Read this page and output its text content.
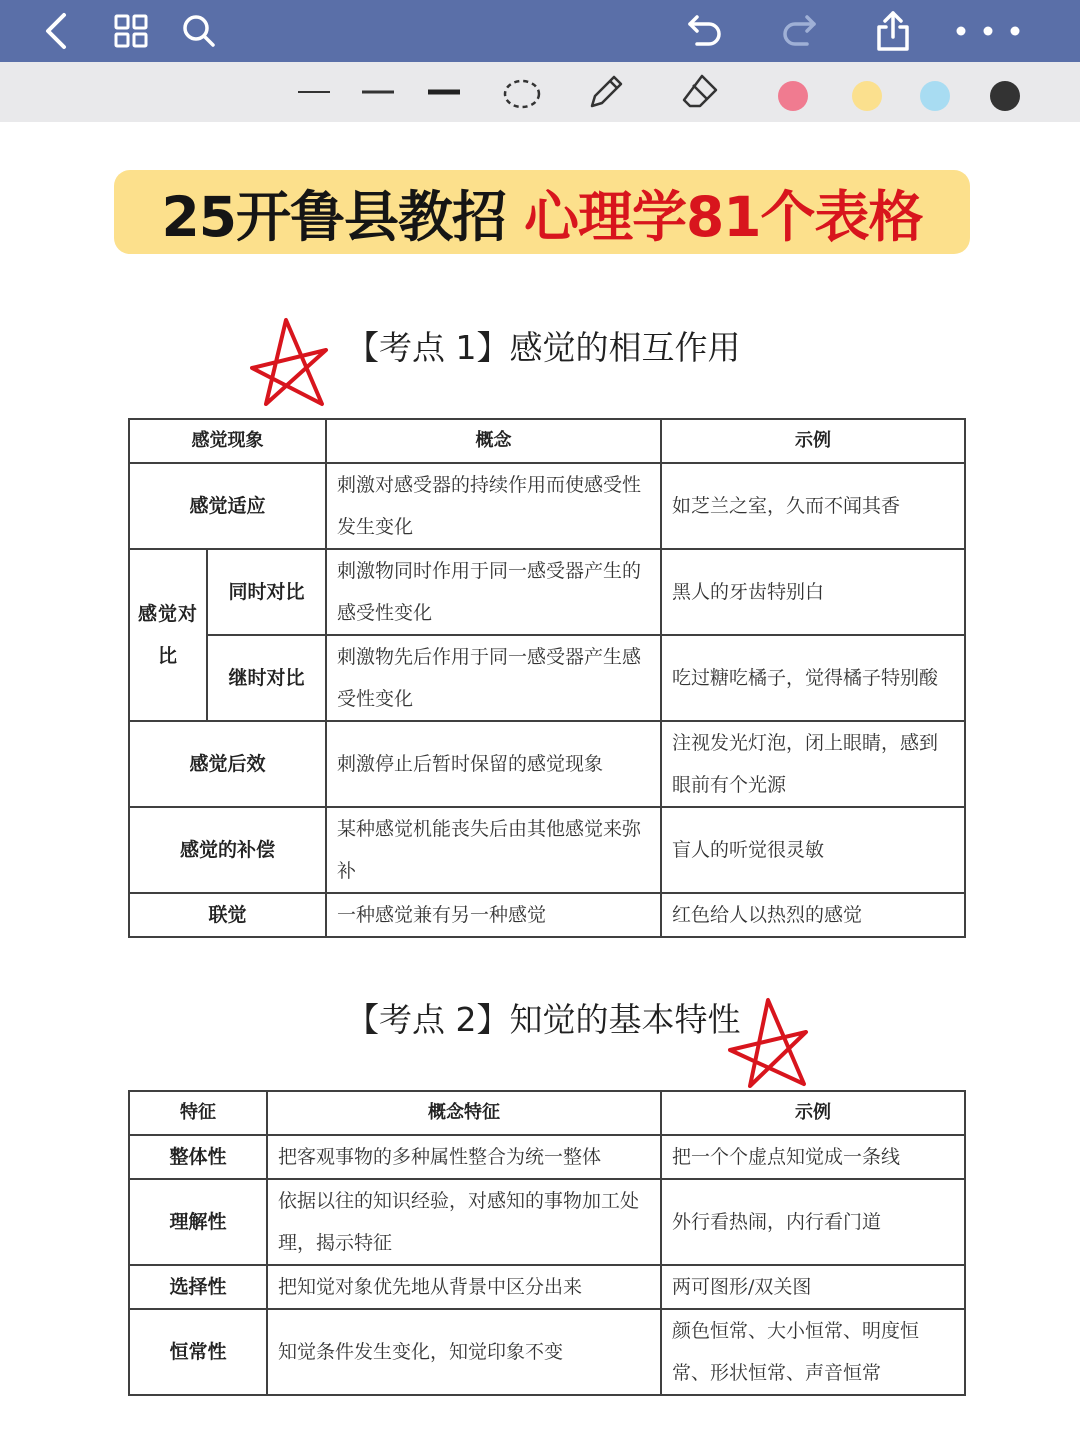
25开鲁县教招 心理学81个表格
【考点 1】感觉的相互作用
感觉现象		概念	示例
感觉适应		刺激对感受器的持续作用而使感受性发生变化	如芝兰之室，久而不闻其香
感觉对比	同时对比	刺激物同时作用于同一感受器产生的感受性变化	黑人的牙齿特别白
	继时对比	刺激物先后作用于同一感受器产生感受性变化	吃过糖吃橘子，觉得橘子特别酸
感觉后效		刺激停止后暂时保留的感觉现象	注视发光灯泡，闭上眼睛，感到眼前有个光源
感觉的补偿		某种感觉机能丧失后由其他感觉来弥补	盲人的听觉很灵敏
联觉		一种感觉兼有另一种感觉	红色给人以热烈的感觉
【考点 2】知觉的基本特性
特征	概念特征	示例
整体性	把客观事物的多种属性整合为统一整体	把一个个虚点知觉成一条线
理解性	依据以往的知识经验，对感知的事物加工处理，揭示特征	外行看热闹，内行看门道
选择性	把知觉对象优先地从背景中区分出来	两可图形/双关图
恒常性	知觉条件发生变化，知觉印象不变	颜色恒常、大小恒常、明度恒常、形状恒常、声音恒常
